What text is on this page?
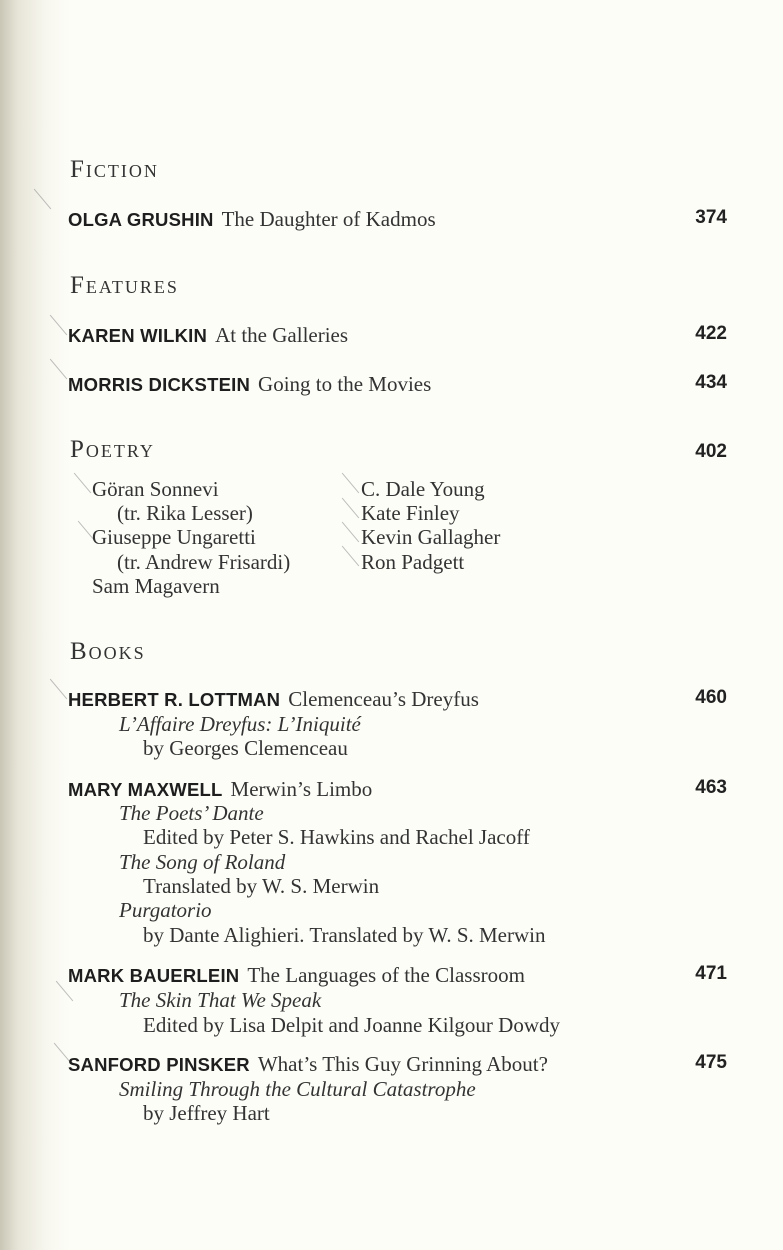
Fiction
OLGA GRUSHIN The Daughter of Kadmos	374
Features
KAREN WILKIN At the Galleries	422
MORRIS DICKSTEIN Going to the Movies	434
Poetry	402
Göran Sonnevi
(tr. Rika Lesser)
Giuseppe Ungaretti
(tr. Andrew Frisardi)
Sam Magavern
C. Dale Young
Kate Finley
Kevin Gallagher
Ron Padgett
Books
HERBERT R. LOTTMAN Clemenceau’s Dreyfus	460
L’Affaire Dreyfus: L’Iniquité
by Georges Clemenceau
MARY MAXWELL Merwin’s Limbo	463
The Poets’ Dante
Edited by Peter S. Hawkins and Rachel Jacoff
The Song of Roland
Translated by W. S. Merwin
Purgatorio
by Dante Alighieri. Translated by W. S. Merwin
MARK BAUERLEIN The Languages of the Classroom	471
The Skin That We Speak
Edited by Lisa Delpit and Joanne Kilgour Dowdy
SANFORD PINSKER What’s This Guy Grinning About?	475
Smiling Through the Cultural Catastrophe
by Jeffrey Hart
